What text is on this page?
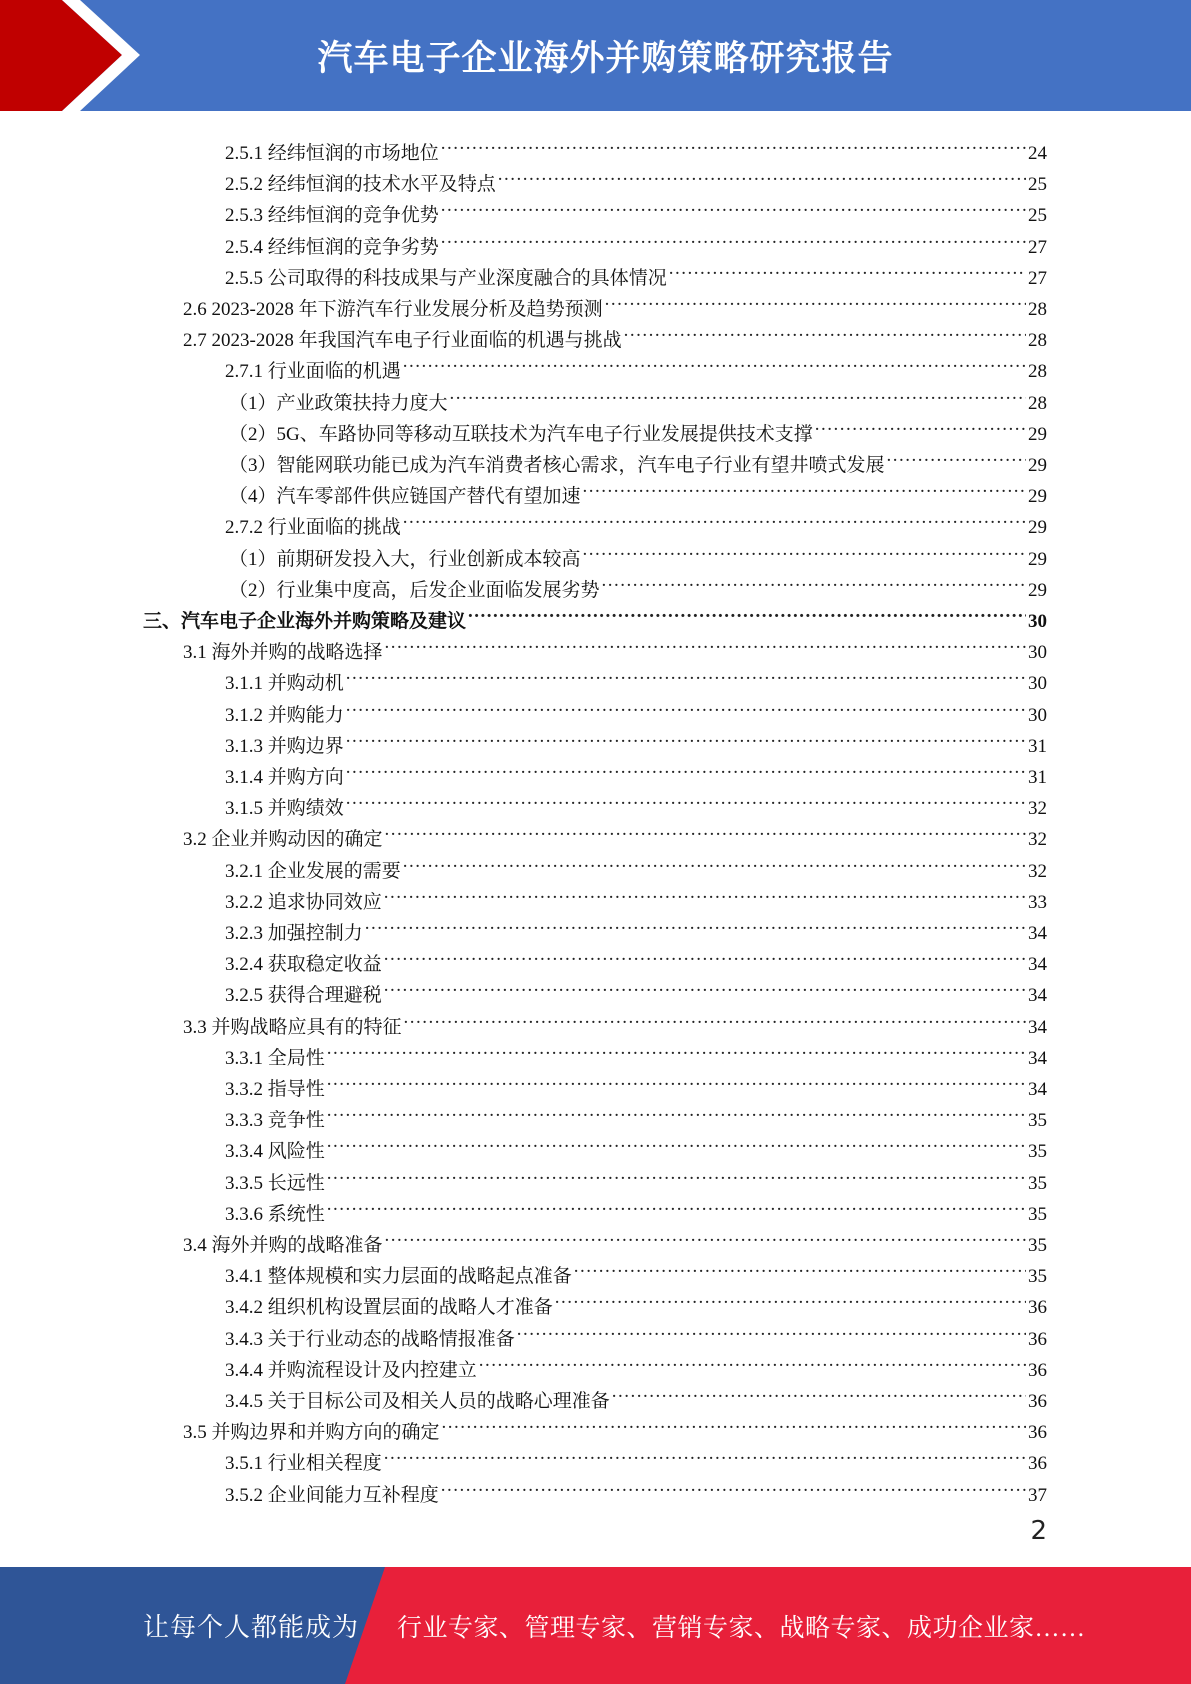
汽车电子企业海外并购策略研究报告
2.5.1 经纬恒润的市场地位 .....	24
2.5.2 经纬恒润的技术水平及特点 .....	25
2.5.3 经纬恒润的竞争优势 .....	25
2.5.4 经纬恒润的竞争劣势 .....	27
2.5.5 公司取得的科技成果与产业深度融合的具体情况 .....	27
2.6 2023-2028 年下游汽车行业发展分析及趋势预测 .....	28
2.7 2023-2028 年我国汽车电子行业面临的机遇与挑战 .....	28
2.7.1 行业面临的机遇 .....	28
（1）产业政策扶持力度大 .....	28
（2）5G、车路协同等移动互联技术为汽车电子行业发展提供技术支撑 .....	29
（3）智能网联功能已成为汽车消费者核心需求，汽车电子行业有望井喷式发展 .....	29
（4）汽车零部件供应链国产替代有望加速 .....	29
2.7.2 行业面临的挑战 .....	29
（1）前期研发投入大，行业创新成本较高 .....	29
（2）行业集中度高，后发企业面临发展劣势 .....	29
三、汽车电子企业海外并购策略及建议 .....	30
3.1 海外并购的战略选择 .....	30
3.1.1 并购动机 .....	30
3.1.2 并购能力 .....	30
3.1.3 并购边界 .....	31
3.1.4 并购方向 .....	31
3.1.5 并购绩效 .....	32
3.2 企业并购动因的确定 .....	32
3.2.1 企业发展的需要 .....	32
3.2.2 追求协同效应 .....	33
3.2.3 加强控制力 .....	34
3.2.4 获取稳定收益 .....	34
3.2.5 获得合理避税 .....	34
3.3 并购战略应具有的特征 .....	34
3.3.1 全局性 .....	34
3.3.2 指导性 .....	34
3.3.3 竞争性 .....	35
3.3.4 风险性 .....	35
3.3.5 长远性 .....	35
3.3.6 系统性 .....	35
3.4 海外并购的战略准备 .....	35
3.4.1 整体规模和实力层面的战略起点准备 .....	35
3.4.2 组织机构设置层面的战略人才准备 .....	36
3.4.3 关于行业动态的战略情报准备 .....	36
3.4.4 并购流程设计及内控建立 .....	36
3.4.5 关于目标公司及相关人员的战略心理准备 .....	36
3.5 并购边界和并购方向的确定 .....	36
3.5.1 行业相关程度 .....	36
3.5.2 企业间能力互补程度 .....	37
2
让每个人都能成为 行业专家、管理专家、营销专家、战略专家、成功企业家……
